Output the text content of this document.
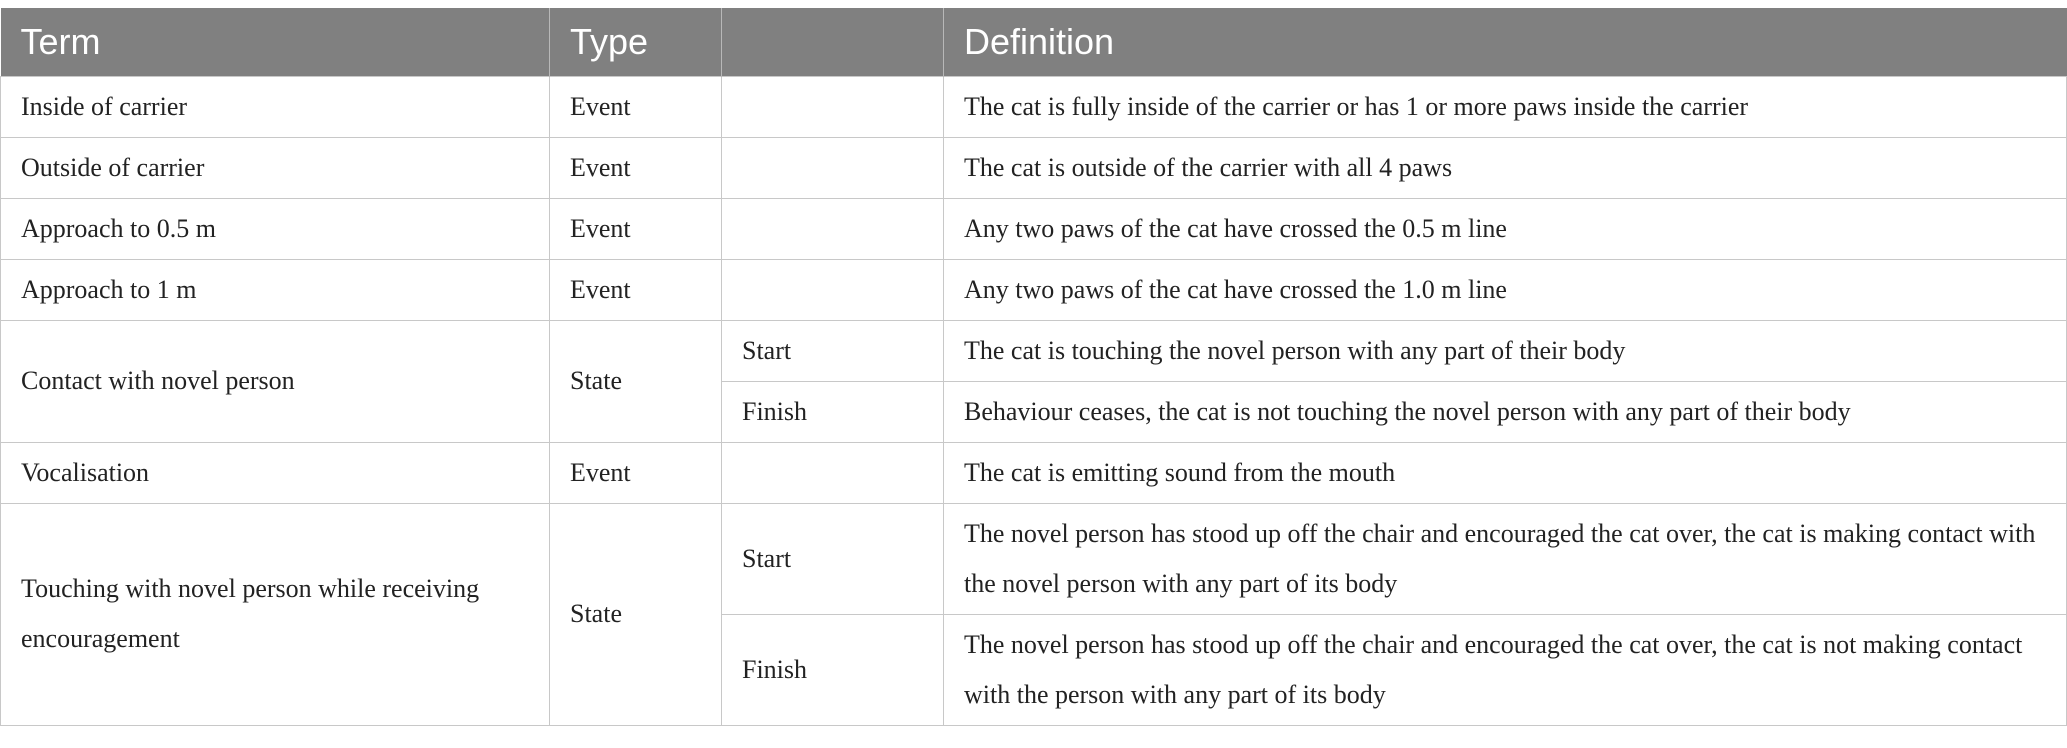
Term	Type		Definition
Inside of carrier	Event		The cat is fully inside of the carrier or has 1 or more paws inside the carrier
Outside of carrier	Event		The cat is outside of the carrier with all 4 paws
Approach to 0.5 m	Event		Any two paws of the cat have crossed the 0.5 m line
Approach to 1 m	Event		Any two paws of the cat have crossed the 1.0 m line
Contact with novel person	State	Start	The cat is touching the novel person with any part of their body
		Finish	Behaviour ceases, the cat is not touching the novel person with any part of their body
Vocalisation	Event		The cat is emitting sound from the mouth
Touching with novel person while receiving encouragement	State	Start	The novel person has stood up off the chair and encouraged the cat over, the cat is making contact with the novel person with any part of its body
		Finish	The novel person has stood up off the chair and encouraged the cat over, the cat is not making contact with the person with any part of its body
